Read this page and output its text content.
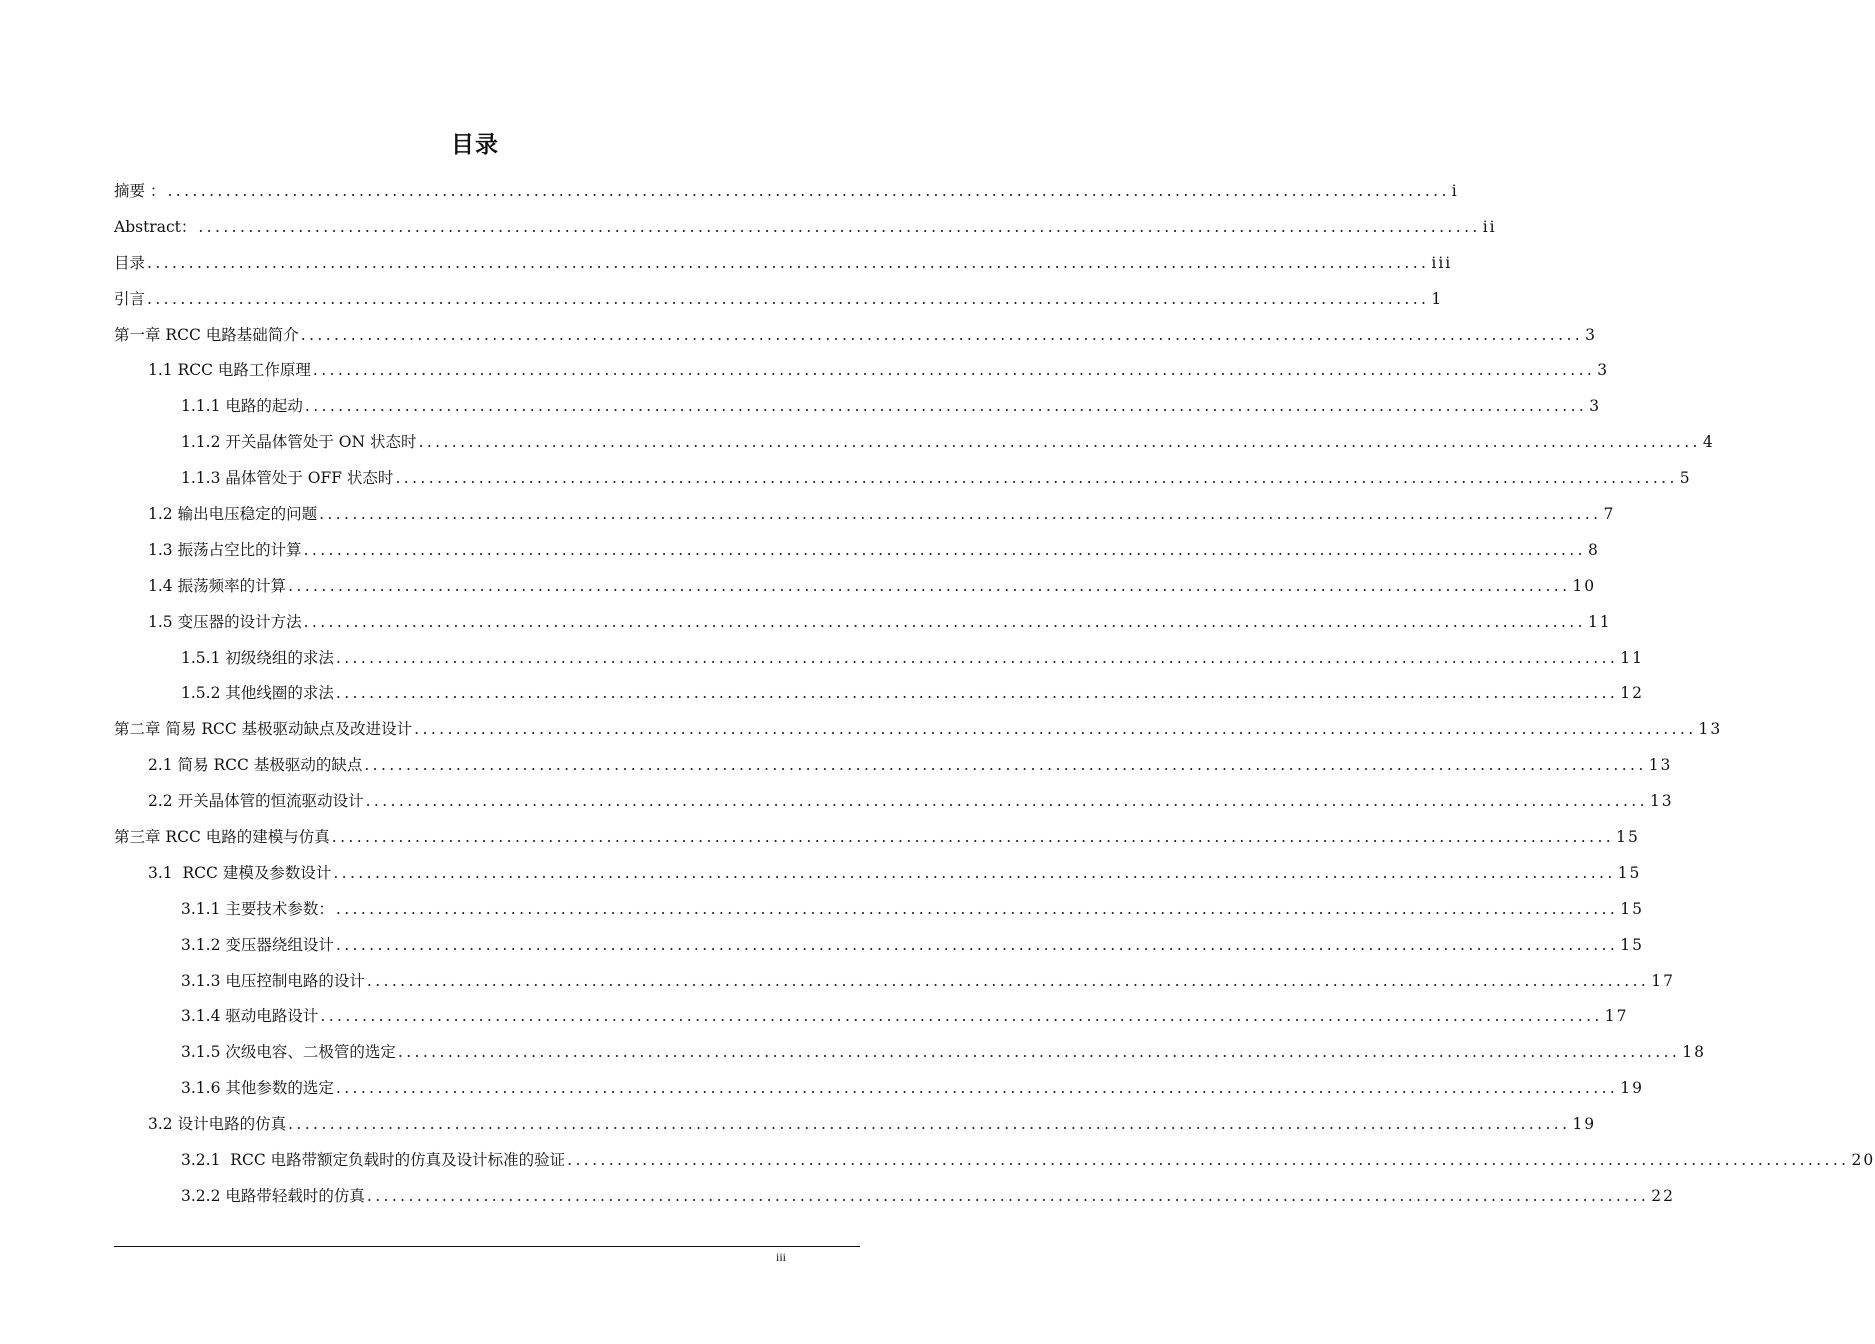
目录
摘要 ： .....	i
Abstract： .....	ii
目录 .....	iii
引言 .....	1
第一章 RCC 电路基础简介 .....	3
1.1 RCC 电路工作原理 .....	3
1.1.1 电路的起动 .....	3
1.1.2 开关晶体管处于 ON 状态时 .....	4
1.1.3 晶体管处于 OFF 状态时 .....	5
1.2 输出电压稳定的问题 .....	7
1.3 振荡占空比的计算 .....	8
1.4 振荡频率的计算 .....	10
1.5 变压器的设计方法 .....	11
1.5.1 初级绕组的求法 .....	11
1.5.2 其他线圈的求法 .....	12
第二章 简易 RCC 基极驱动缺点及改进设计 .....	13
2.1 简易 RCC 基极驱动的缺点 .....	13
2.2 开关晶体管的恒流驱动设计 .....	13
第三章 RCC 电路的建模与仿真 .....	15
3.1  RCC 建模及参数设计 .....	15
3.1.1 主要技术参数： .....	15
3.1.2 变压器绕组设计 .....	15
3.1.3 电压控制电路的设计 .....	17
3.1.4 驱动电路设计 .....	17
3.1.5 次级电容、二极管的选定 .....	18
3.1.6 其他参数的选定 .....	19
3.2 设计电路的仿真 .....	19
3.2.1  RCC 电路带额定负载时的仿真及设计标准的验证 .....	20
3.2.2 电路带轻载时的仿真 .....	22
iii
